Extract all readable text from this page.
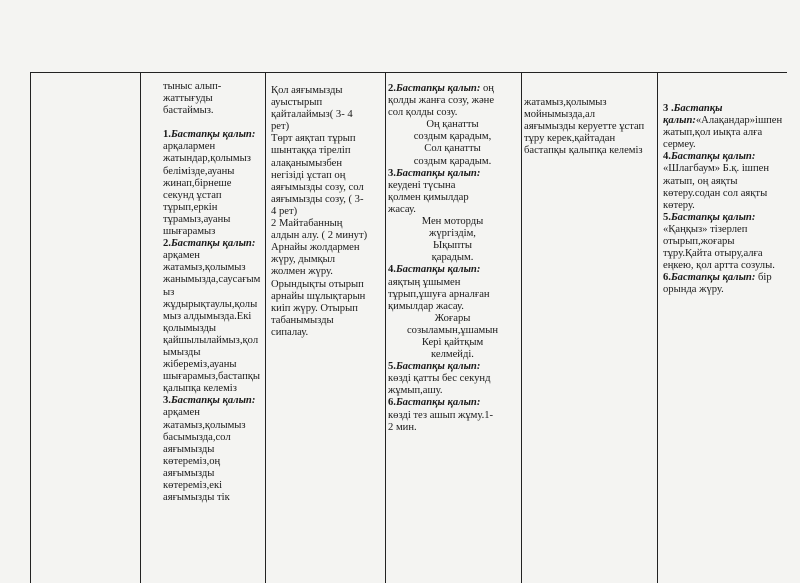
тыныс алып-
жаттығуды
бастаймыз.

1.Бастапқы қалып:
арқалармен
жатындар,қолымыз
белімізде,ауаны
жинап,бірнеше
секунд ұстап
тұрып,еркін
тұрамыз,ауаны
шығарамыз

2.Бастапқы қалып:
арқамен
жатамыз,қолымыз
жанымызда,саусағым
ыз
жұдырықтаулы,қолы
мыз алдымызда.Екі
қолымызды
қайшылылаймыз,қол
ымызды
жібереміз,ауаны
шығарамыз,бастапқы
қалыпқа келеміз

3.Бастапқы қалып:
арқамен
жатамыз,қолымыз
басымызда,сол
аяғымызды
көтереміз,оң
аяғымызды
көтереміз,екі
аяғымызды тік

Қол аяғымызды
ауыстырып
қайталаймыз( 3- 4
рет)
Төрт аяқтап тұрып
шынтаққа тіреліп
алақанымызбен
негізіді ұстап оң
аяғымызды созу, сол
аяғымызды созу, ( 3-
4 рет)
2 Майтабанның
алдын алу. ( 2 минут)
Арнайы жолдармен
жүру, дымқыл
жолмен жүру.
Орындықты отырып
арнайы шұлықтарын
киіп жүру. Отырып
табанымызды
сипалау.

2.Бастапқы қалып: оң
қолды жанға созу, және
сол қолды созу.

Оң қанатты
создым қарадым,
Сол қанатты
создым қарадым.

3.Бастапқы қалып:
кеудені түсына
қолмен қимылдар
жасау.

Мен моторды
жүргіздім,
Ықыпты
қарадым.

4.Бастапқы қалып:
аяқтың ұшымен
тұрып,ұшуға арналған
қимылдар жасау.

Жоғары
созыламын,ұшамын
Кері қайтқым
келмейді.

5.Бастапқы қалып:
көзді қатты бес секунд
жұмып,ашу.

6.Бастапқы қалып:
көзді тез ашып жұму.1-
2 мин.

жатамыз,қолымыз
мойнымызда,ал
аяғымызды керуетте ұстап
тұру керек,қайтадан
бастапқы қалыпқа келеміз

3 .Бастапқы
қалып:«Алақандар»ішпен
жатып,қол иықта алға
сермеу.

4.Бастапқы қалып:
«Шлагбаум» Б.қ. ішпен
жатып, оң аяқты
көтеру.содан сол аяқты
көтеру.

5.Бастапқы қалып:
«Қаңқыз» тізерлеп
отырып,жоғары
тұру.Қайта отыру,алға
еңкею, қол артта созулы.

6.Бастапқы қалып: бір
орында жүру.
